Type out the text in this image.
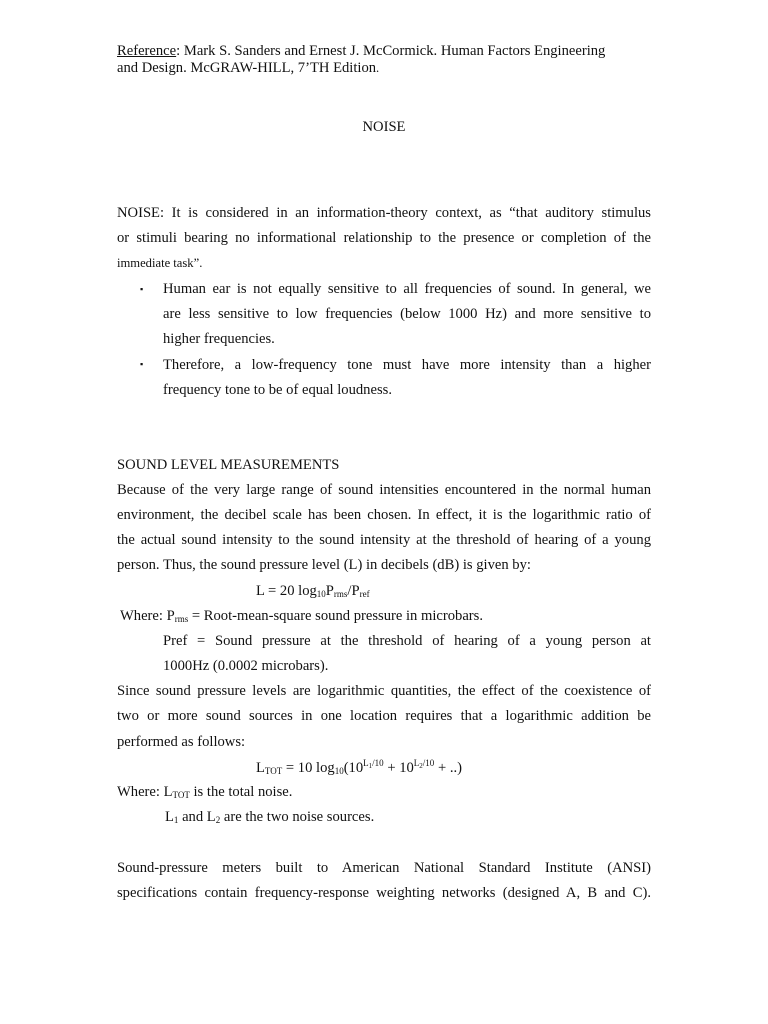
Reference: Mark S. Sanders and Ernest J. McCormick. Human Factors Engineering
and Design. McGRAW-HILL, 7’TH Edition.
NOISE
NOISE: It is considered in an information-theory context, as “that auditory stimulus
or stimuli bearing no informational relationship to the presence or completion of the
immediate task”.
▪ Human ear is not equally sensitive to all frequencies of sound. In general, we
are less sensitive to low frequencies (below 1000 Hz) and more sensitive to
higher frequencies.
▪ Therefore, a low-frequency tone must have more intensity than a higher
frequency tone to be of equal loudness.
SOUND LEVEL MEASUREMENTS
Because of the very large range of sound intensities encountered in the normal human
environment, the decibel scale has been chosen. In effect, it is the logarithmic ratio of
the actual sound intensity to the sound intensity at the threshold of hearing of a young
person. Thus, the sound pressure level (L) in decibels (dB) is given by:
L = 20 $\log_{10}P_{rms}/P_{ref}$
Where: $P_{rms}$ = Root-mean-square sound pressure in microbars.
Pref = Sound pressure at the threshold of hearing of a young person at
1000Hz (0.0002 microbars).
Since sound pressure levels are logarithmic quantities, the effect of the coexistence of
two or more sound sources in one location requires that a logarithmic addition be
performed as follows:
$L_{TOT} = 10$ $\log_{10}(10^{L_1/10} + 10^{L_2/10}$ + ..)
Where: $L_{TOT}$ is the total noise.
$L_1$ and $L_2$ are the two noise sources.
Sound-pressure meters built to American National Standard Institute (ANSI)
specifications contain frequency-response weighting networks (designed A, B and C).
